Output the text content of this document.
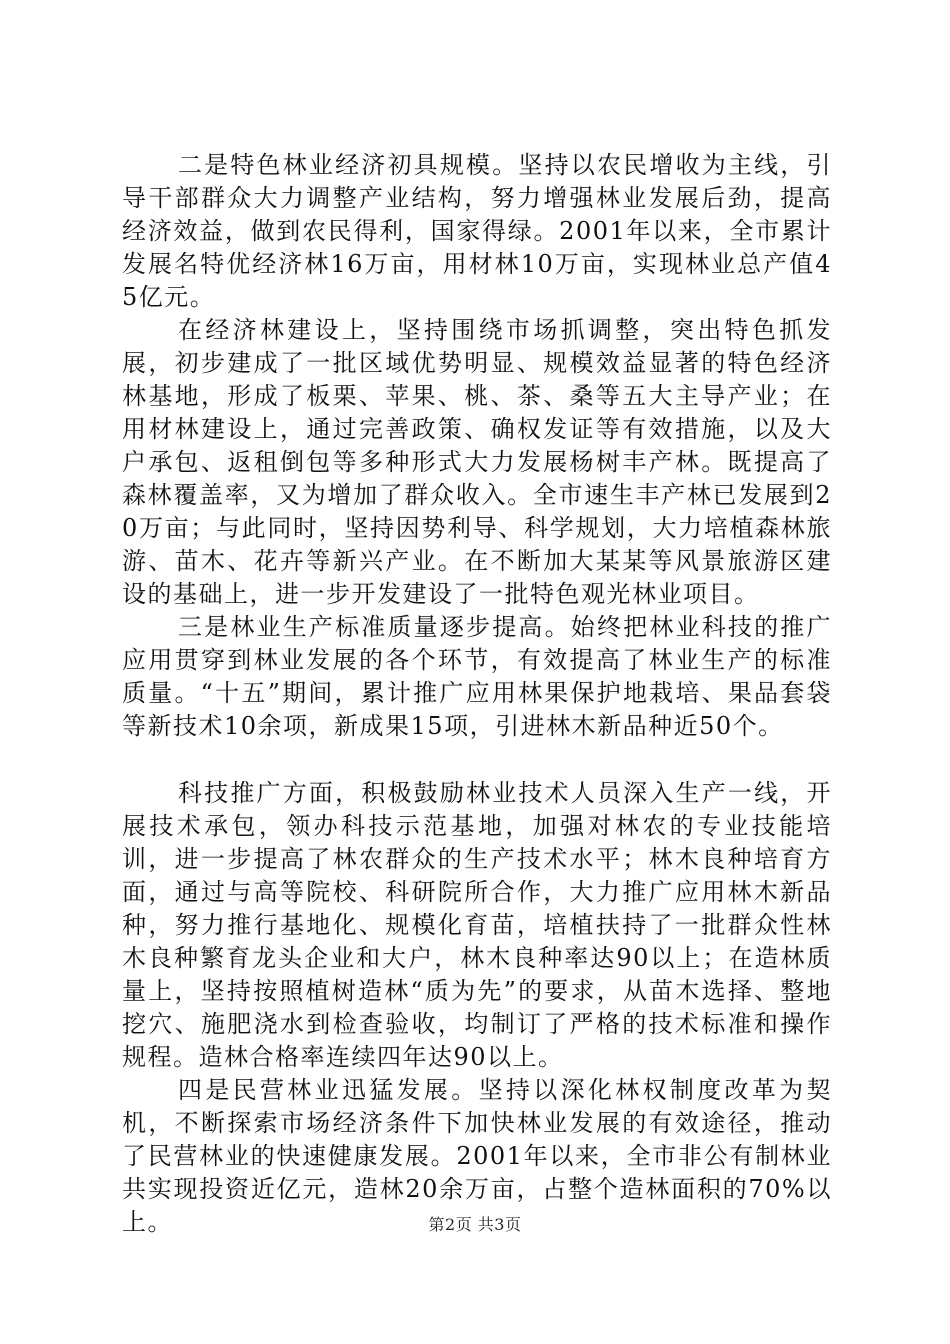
二是特色林业经济初具规模。坚持以农民增收为主线，引导干部群众大力调整产业结构，努力增强林业发展后劲，提高经济效益，做到农民得利，国家得绿。2001年以来，全市累计发展名特优经济林16万亩，用材林10万亩，实现林业总产值45亿元。

在经济林建设上，坚持围绕市场抓调整，突出特色抓发展，初步建成了一批区域优势明显、规模效益显著的特色经济林基地，形成了板栗、苹果、桃、茶、桑等五大主导产业；在用材林建设上，通过完善政策、确权发证等有效措施，以及大户承包、返租倒包等多种形式大力发展杨树丰产林。既提高了森林覆盖率，又为增加了群众收入。全市速生丰产林已发展到20万亩；与此同时，坚持因势利导、科学规划，大力培植森林旅游、苗木、花卉等新兴产业。在不断加大某某等风景旅游区建设的基础上，进一步开发建设了一批特色观光林业项目。

三是林业生产标准质量逐步提高。始终把林业科技的推广应用贯穿到林业发展的各个环节，有效提高了林业生产的标准质量。“十五”期间，累计推广应用林果保护地栽培、果品套袋等新技术10余项，新成果15项，引进林木新品种近50个。

科技推广方面，积极鼓励林业技术人员深入生产一线，开展技术承包，领办科技示范基地，加强对林农的专业技能培训，进一步提高了林农群众的生产技术水平；林木良种培育方面，通过与高等院校、科研院所合作，大力推广应用林木新品种，努力推行基地化、规模化育苗，培植扶持了一批群众性林木良种繁育龙头企业和大户，林木良种率达90以上；在造林质量上，坚持按照植树造林“质为先”的要求，从苗木选择、整地挖穴、施肥浇水到检查验收，均制订了严格的技术标准和操作规程。造林合格率连续四年达90以上。

四是民营林业迅猛发展。坚持以深化林权制度改革为契机，不断探索市场经济条件下加快林业发展的有效途径，推动了民营林业的快速健康发展。2001年以来，全市非公有制林业共实现投资近亿元，造林20余万亩，占整个造林面积的70%以上。	第2页 共3页
